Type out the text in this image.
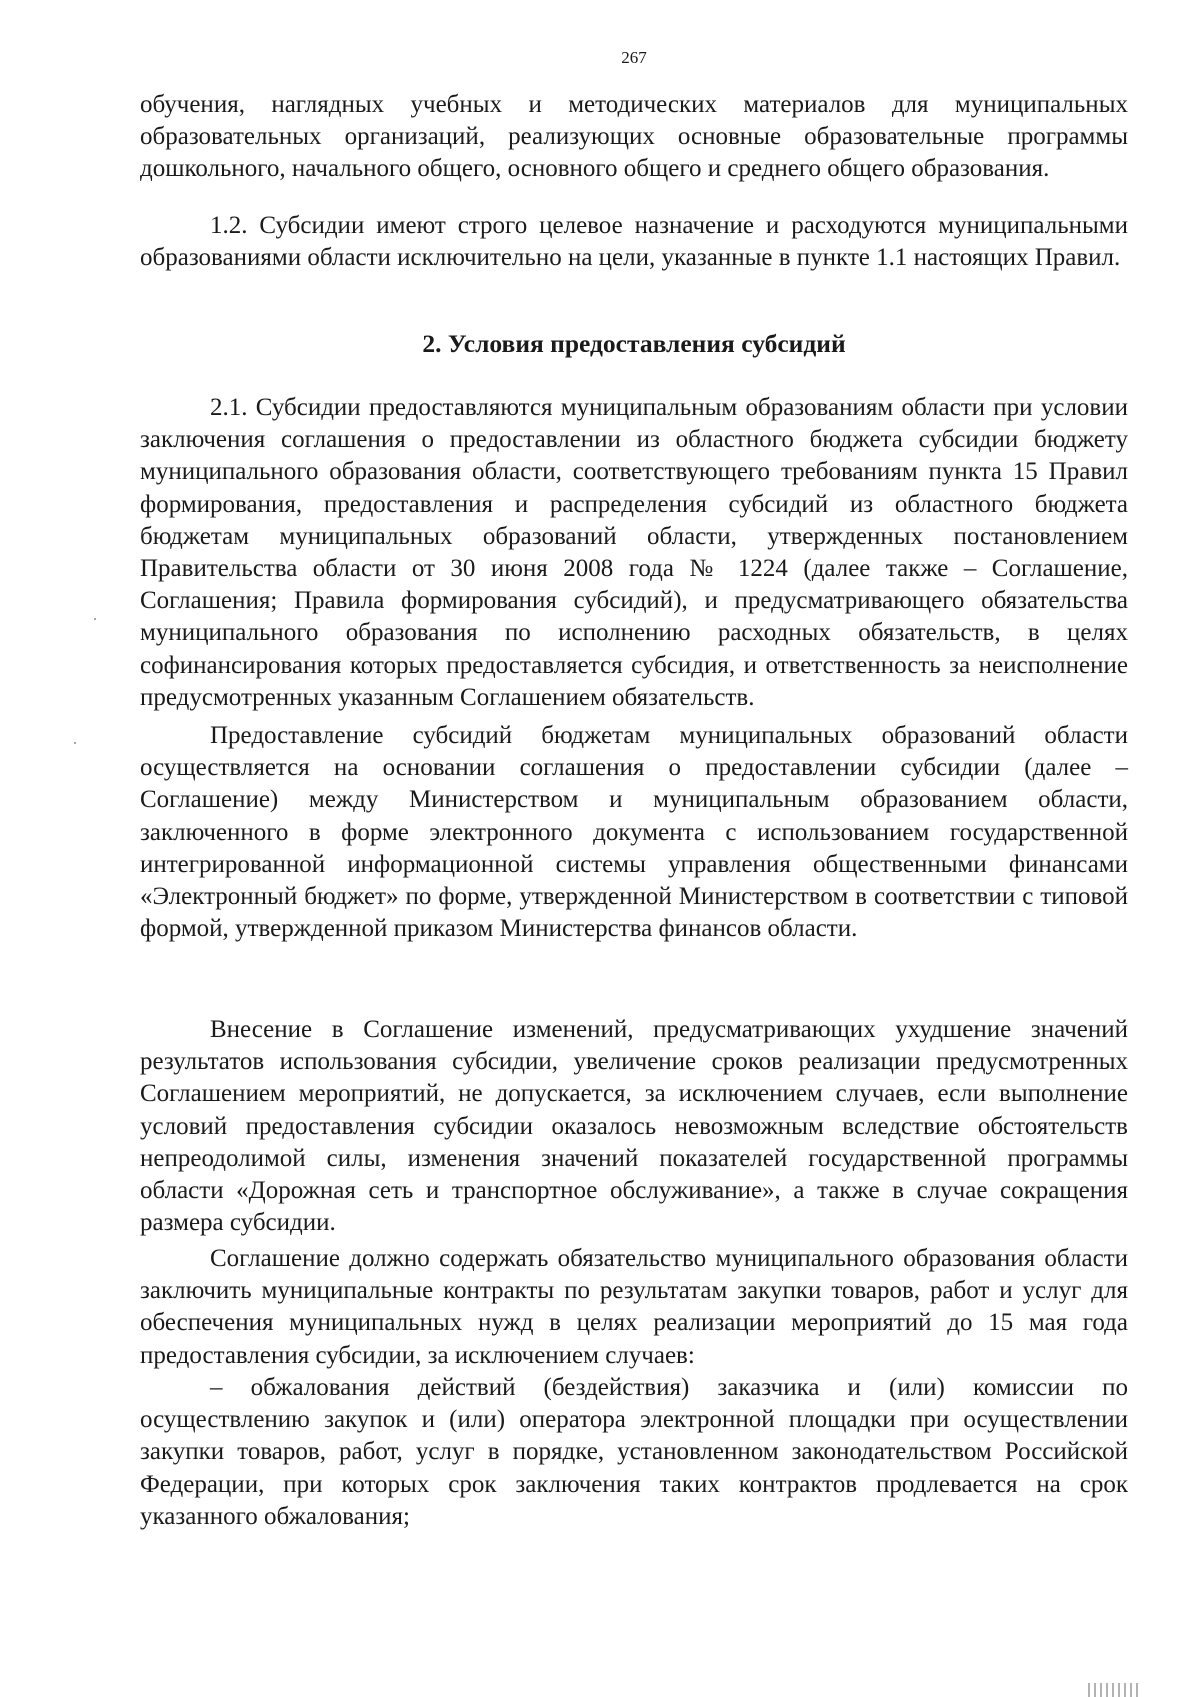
267

обучения, наглядных учебных и методических материалов для муниципальных образовательных организаций, реализующих основные образовательные программы дошкольного, начального общего, основного общего и среднего общего образования.

1.2. Субсидии имеют строго целевое назначение и расходуются муниципальными образованиями области исключительно на цели, указанные в пункте 1.1 настоящих Правил.

2. Условия предоставления субсидий

2.1. Субсидии предоставляются муниципальным образованиям области при условии заключения соглашения о предоставлении из областного бюджета субсидии бюджету муниципального образования области, соответствующего требованиям пункта 15 Правил формирования, предоставления и распределения субсидий из областного бюджета бюджетам муниципальных образований области, утвержденных постановлением Правительства области от 30 июня 2008 года № 1224 (далее также – Соглашение, Соглашения; Правила формирования субсидий), и предусматривающего обязательства муниципального образования по исполнению расходных обязательств, в целях софинансирования которых предоставляется субсидия, и ответственность за неисполнение предусмотренных указанным Соглашением обязательств.

Предоставление субсидий бюджетам муниципальных образований области осуществляется на основании соглашения о предоставлении субсидии (далее – Соглашение) между Министерством и муниципальным образованием области, заключенного в форме электронного документа с использованием государственной интегрированной информационной системы управления общественными финансами «Электронный бюджет» по форме, утвержденной Министерством в соответствии с типовой формой, утвержденной приказом Министерства финансов области.

Внесение в Соглашение изменений, предусматривающих ухудшение значений результатов использования субсидии, увеличение сроков реализации предусмотренных Соглашением мероприятий, не допускается, за исключением случаев, если выполнение условий предоставления субсидии оказалось невозможным вследствие обстоятельств непреодолимой силы, изменения значений показателей государственной программы области «Дорожная сеть и транспортное обслуживание», а также в случае сокращения размера субсидии.

Соглашение должно содержать обязательство муниципального образования области заключить муниципальные контракты по результатам закупки товаров, работ и услуг для обеспечения муниципальных нужд в целях реализации мероприятий до 15 мая года предоставления субсидии, за исключением случаев:

– обжалования действий (бездействия) заказчика и (или) комиссии по осуществлению закупок и (или) оператора электронной площадки при осуществлении закупки товаров, работ, услуг в порядке, установленном законодательством Российской Федерации, при которых срок заключения таких контрактов продлевается на срок указанного обжалования;
